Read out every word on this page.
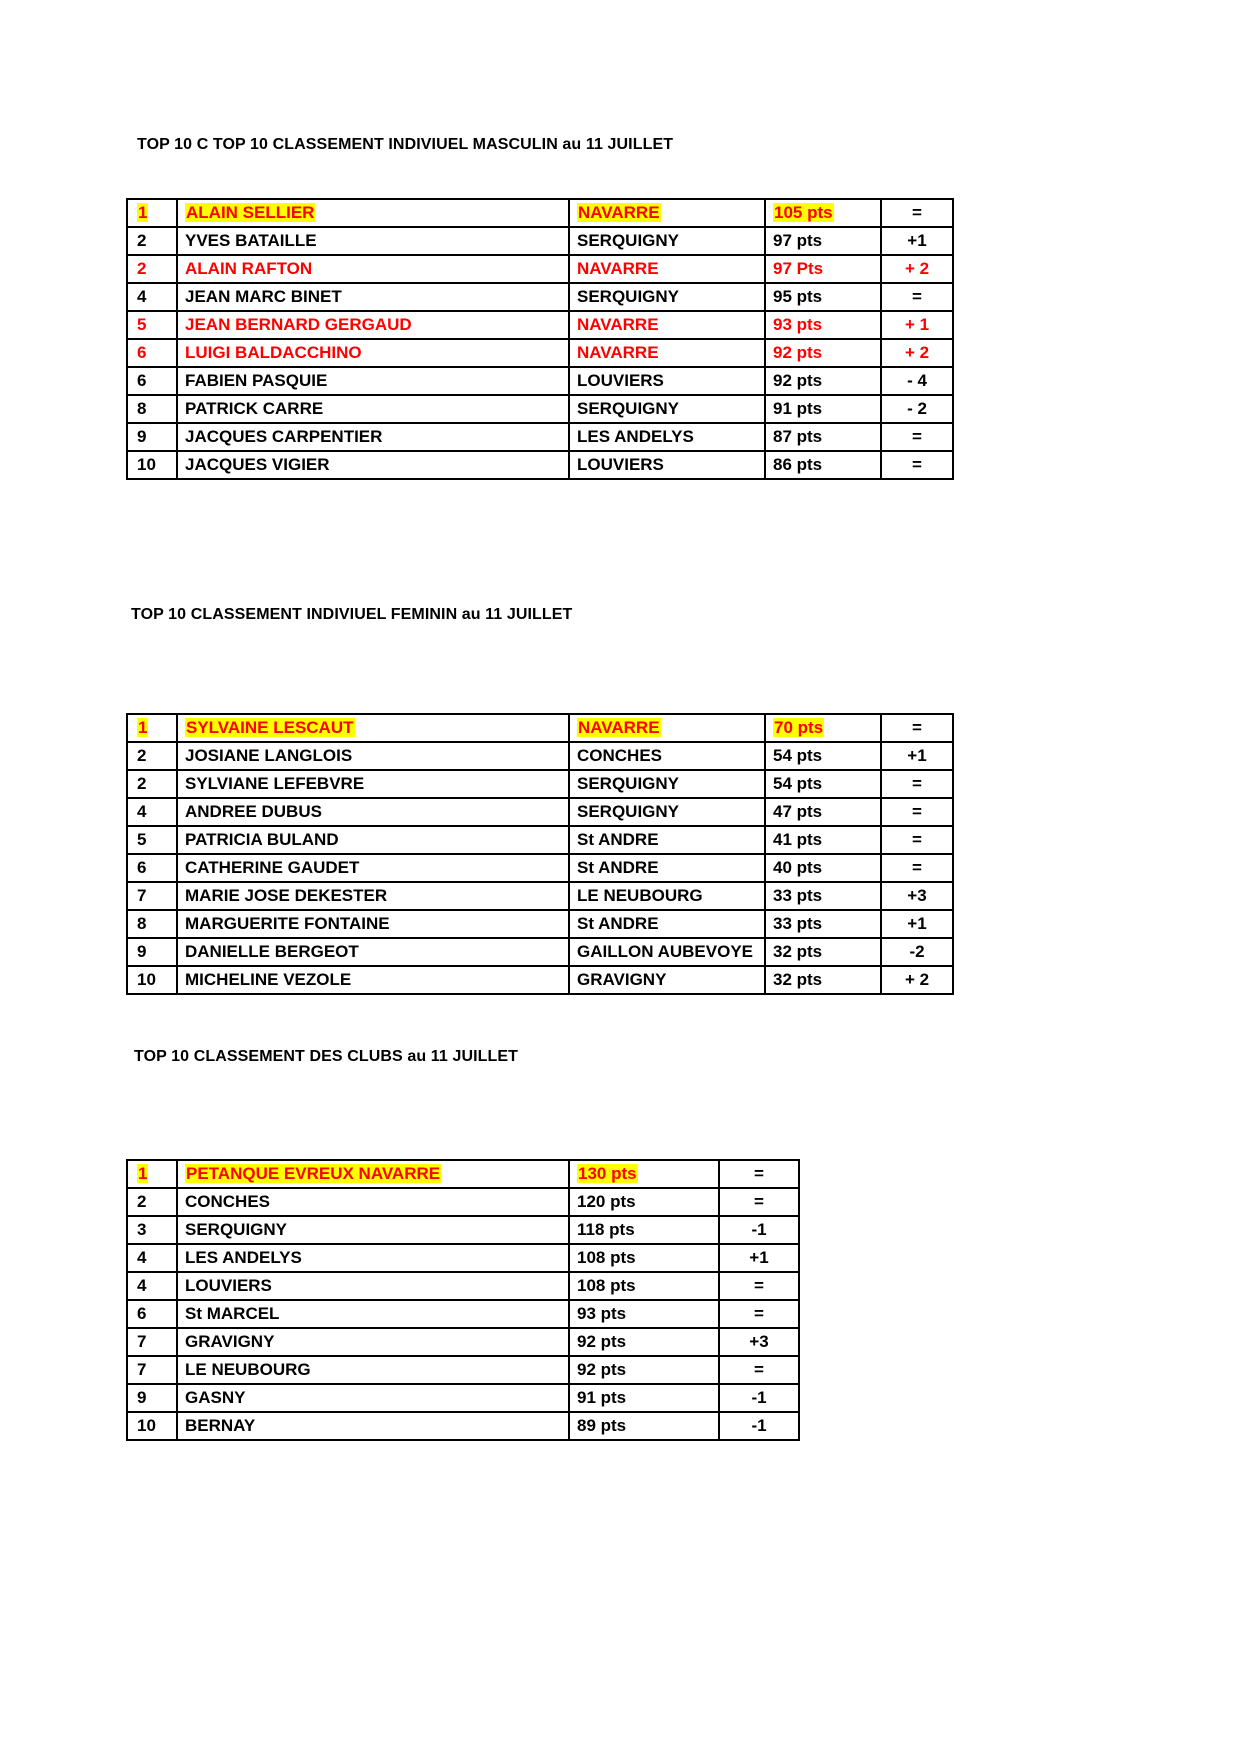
TOP 10 C TOP 10 CLASSEMENT INDIVIUEL MASCULIN au 11 JUILLET
1	ALAIN SELLIER	NAVARRE	105 pts	=
2	YVES BATAILLE	SERQUIGNY	97 pts	+1
2	ALAIN RAFTON	NAVARRE	97 Pts	+ 2
4	JEAN MARC BINET	SERQUIGNY	95 pts	=
5	JEAN BERNARD GERGAUD	NAVARRE	93 pts	+ 1
6	LUIGI BALDACCHINO	NAVARRE	92 pts	+ 2
6	FABIEN PASQUIE	LOUVIERS	92 pts	- 4
8	PATRICK CARRE	SERQUIGNY	91 pts	- 2
9	JACQUES CARPENTIER	LES ANDELYS	87 pts	=
10	JACQUES VIGIER	LOUVIERS	86 pts	=
TOP 10 CLASSEMENT INDIVIUEL FEMININ au 11 JUILLET
1	SYLVAINE LESCAUT	NAVARRE	70 pts	=
2	JOSIANE LANGLOIS	CONCHES	54 pts	+1
2	SYLVIANE LEFEBVRE	SERQUIGNY	54 pts	=
4	ANDREE DUBUS	SERQUIGNY	47 pts	=
5	PATRICIA BULAND	St ANDRE	41 pts	=
6	CATHERINE GAUDET	St ANDRE	40 pts	=
7	MARIE JOSE DEKESTER	LE NEUBOURG	33 pts	+3
8	MARGUERITE FONTAINE	St ANDRE	33 pts	+1
9	DANIELLE BERGEOT	GAILLON AUBEVOYE	32 pts	-2
10	MICHELINE VEZOLE	GRAVIGNY	32 pts	+ 2
TOP 10 CLASSEMENT DES CLUBS au 11 JUILLET
1	PETANQUE EVREUX NAVARRE	130 pts	=
2	CONCHES	120 pts	=
3	SERQUIGNY	118 pts	-1
4	LES ANDELYS	108 pts	+1
4	LOUVIERS	108 pts	=
6	St MARCEL	93 pts	=
7	GRAVIGNY	92 pts	+3
7	LE NEUBOURG	92 pts	=
9	GASNY	91 pts	-1
10	BERNAY	89 pts	-1
